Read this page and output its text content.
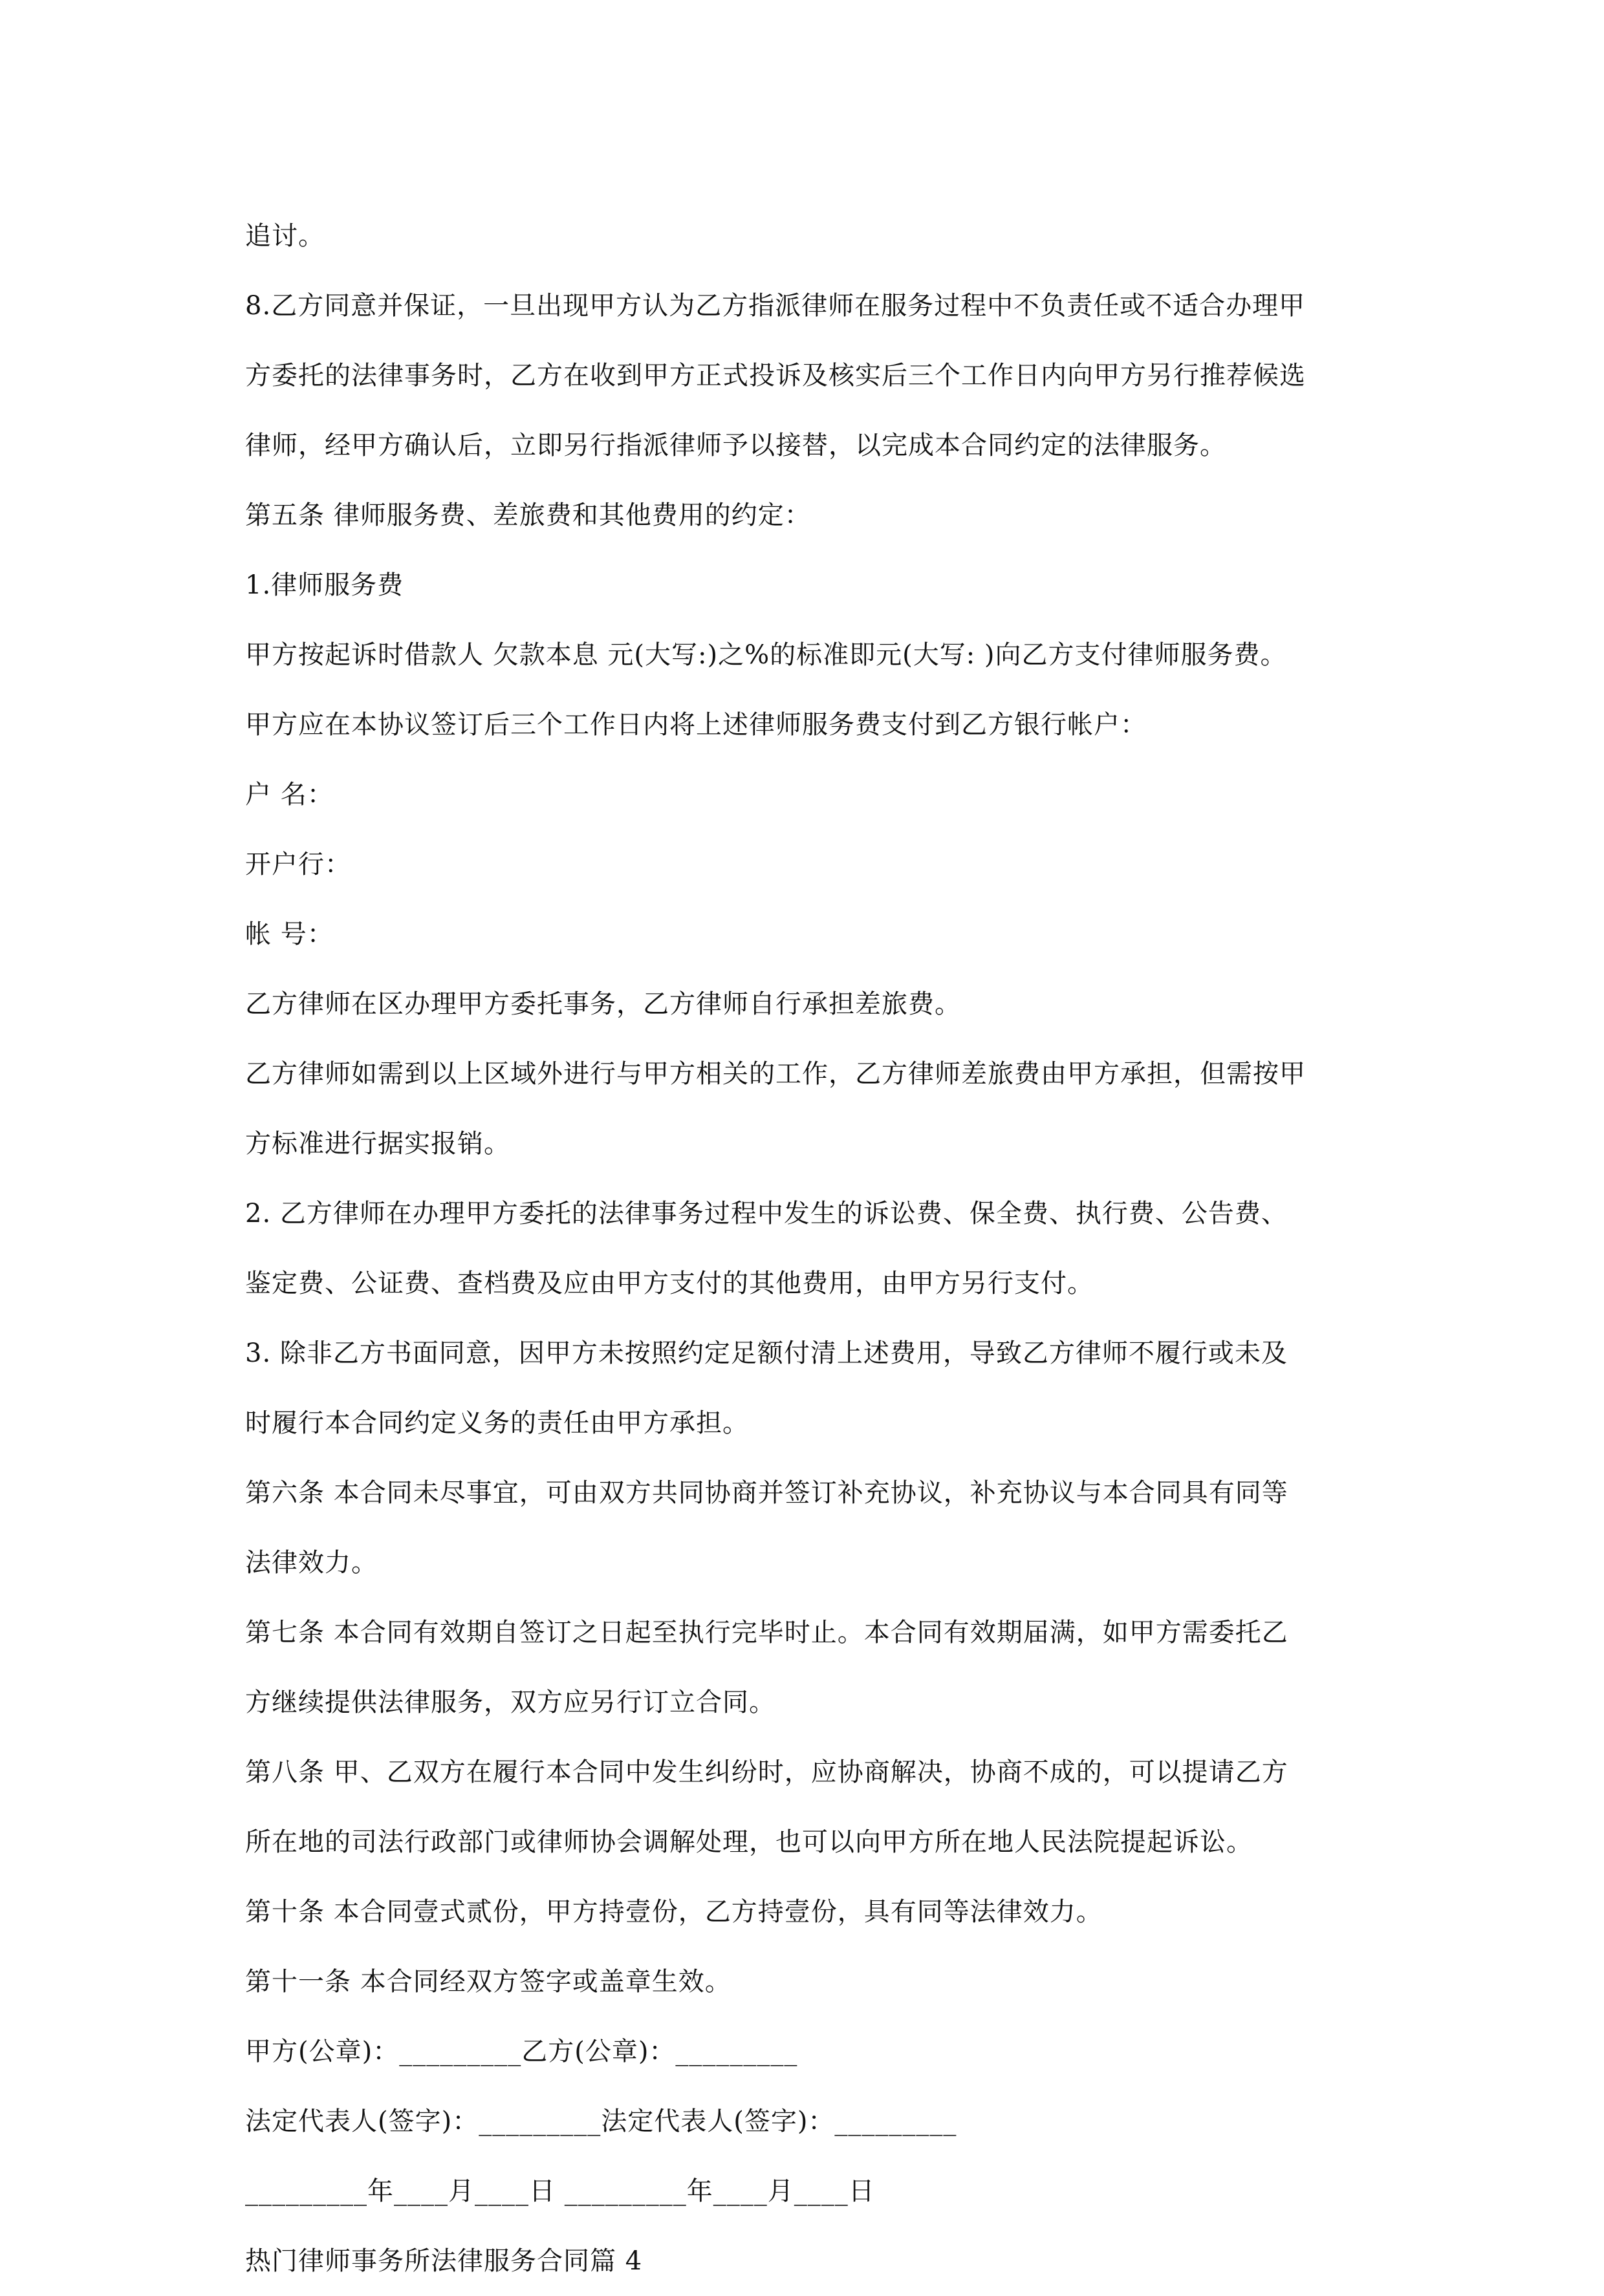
追讨。
8.乙方同意并保证，一旦出现甲方认为乙方指派律师在服务过程中不负责任或不适合办理甲
方委托的法律事务时，乙方在收到甲方正式投诉及核实后三个工作日内向甲方另行推荐候选
律师，经甲方确认后，立即另行指派律师予以接替，以完成本合同约定的法律服务。
第五条 律师服务费、差旅费和其他费用的约定：
1.律师服务费
甲方按起诉时借款人 欠款本息 元(大写:)之%的标准即元(大写: )向乙方支付律师服务费。
甲方应在本协议签订后三个工作日内将上述律师服务费支付到乙方银行帐户：
户 名：
开户行：
帐 号：
乙方律师在区办理甲方委托事务，乙方律师自行承担差旅费。
乙方律师如需到以上区域外进行与甲方相关的工作，乙方律师差旅费由甲方承担，但需按甲
方标准进行据实报销。
2. 乙方律师在办理甲方委托的法律事务过程中发生的诉讼费、保全费、执行费、公告费、
鉴定费、公证费、查档费及应由甲方支付的其他费用，由甲方另行支付。
3. 除非乙方书面同意，因甲方未按照约定足额付清上述费用，导致乙方律师不履行或未及
时履行本合同约定义务的责任由甲方承担。
第六条 本合同未尽事宜，可由双方共同协商并签订补充协议，补充协议与本合同具有同等
法律效力。
第七条 本合同有效期自签订之日起至执行完毕时止。本合同有效期届满，如甲方需委托乙
方继续提供法律服务，双方应另行订立合同。
第八条 甲、乙双方在履行本合同中发生纠纷时，应协商解决，协商不成的，可以提请乙方
所在地的司法行政部门或律师协会调解处理，也可以向甲方所在地人民法院提起诉讼。
第十条 本合同壹式贰份，甲方持壹份，乙方持壹份，具有同等法律效力。
第十一条 本合同经双方签字或盖章生效。
甲方(公章)：_________乙方(公章)：_________
法定代表人(签字)：_________法定代表人(签字)：_________
_________年____月____日 _________年____月____日
热门律师事务所法律服务合同篇 4
